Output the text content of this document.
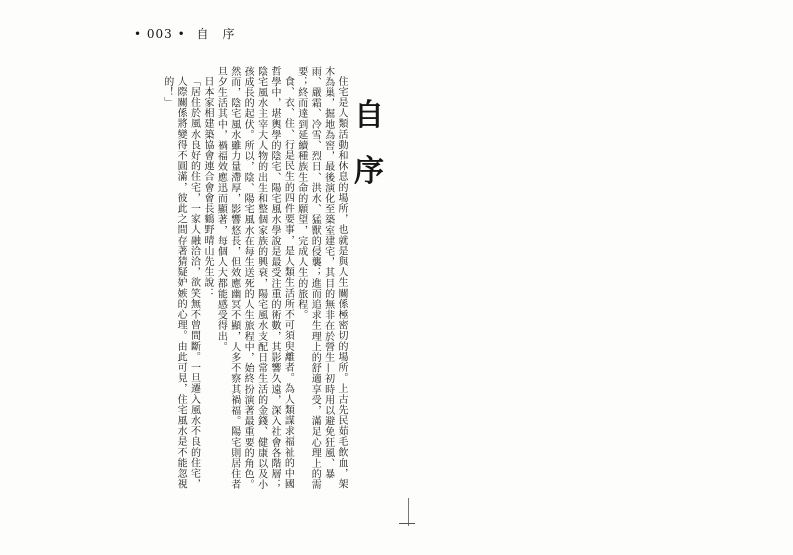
• 003 • 自　序
自序

住宅是人類活動和休息的場所，也就是與人生關係極密切的場所。上古先民茹毛飲血，架木為巢，掘地為窖，最後演化至築室建宅，其目的無非在於營生—初時用以避免狂風、暴雨、嚴霜、冷雪、烈日、洪水、猛獸的侵襲；進而追求生理上的舒適享受，滿足心理上的需要；終而達到延續種族生命的願望，完成人生的旅程。

食、衣、住、行是民生的四件要事，是人類生活所不可須臾離者。為人類謀求福祉的中國哲學中，堪輿學的陰宅、陽宅風水學說是最受注重的術數，其影響久遠，深入社會各階層；陰宅風水主宰大人物的出生和整個家族的興衰，陽宅風水支配日常生活的金錢、健康以及小孩成長的起伏。所以，陰、陽宅風水在每生送死的人生旅程中，始終扮演著最重要的角色。然而，陰宅風水雖力量滯厚，影響悠長，但效應幽冥不顯，人多不察其禍福。陽宅則居住者旦夕生活其中，禍福效應迅而顯著，每個人大都能感受得出。

日本家相建築協會連合會會長鶴野晴山先生說：

「居住於風水良好的住宅，一家人融洽洽，欲笑無不曾間斷。一旦遷入風水不良的住宅，人際關係將變得不圓滿，彼此之間存著猜疑妒嫉的心理。由此可見，住宅風水是不能忽視的！」
